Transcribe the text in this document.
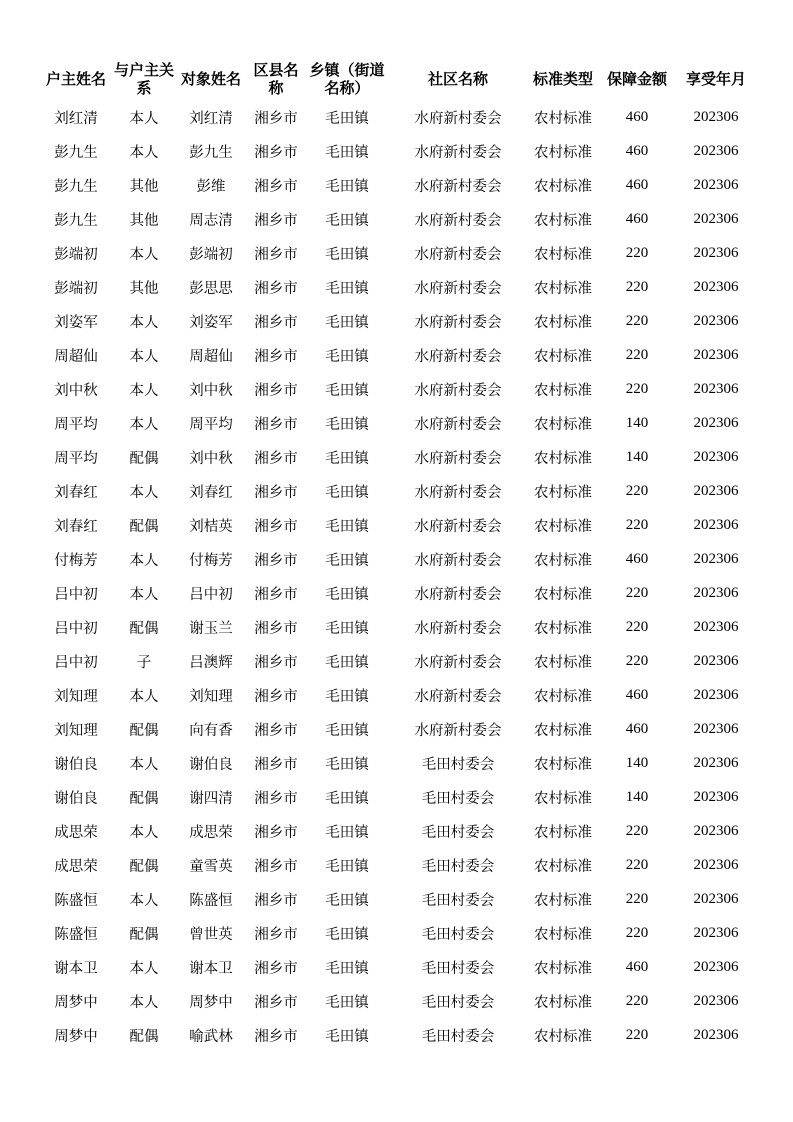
户主姓名	与户主关系	对象姓名	区县名称	乡镇（街道名称）	社区名称	标准类型	保障金额	享受年月
刘红清	本人	刘红清	湘乡市	毛田镇	水府新村委会	农村标准	460	202306
彭九生	本人	彭九生	湘乡市	毛田镇	水府新村委会	农村标准	460	202306
彭九生	其他	彭维	湘乡市	毛田镇	水府新村委会	农村标准	460	202306
彭九生	其他	周志清	湘乡市	毛田镇	水府新村委会	农村标准	460	202306
彭端初	本人	彭端初	湘乡市	毛田镇	水府新村委会	农村标准	220	202306
彭端初	其他	彭思思	湘乡市	毛田镇	水府新村委会	农村标准	220	202306
刘姿军	本人	刘姿军	湘乡市	毛田镇	水府新村委会	农村标准	220	202306
周超仙	本人	周超仙	湘乡市	毛田镇	水府新村委会	农村标准	220	202306
刘中秋	本人	刘中秋	湘乡市	毛田镇	水府新村委会	农村标准	220	202306
周平均	本人	周平均	湘乡市	毛田镇	水府新村委会	农村标准	140	202306
周平均	配偶	刘中秋	湘乡市	毛田镇	水府新村委会	农村标准	140	202306
刘春红	本人	刘春红	湘乡市	毛田镇	水府新村委会	农村标准	220	202306
刘春红	配偶	刘桔英	湘乡市	毛田镇	水府新村委会	农村标准	220	202306
付梅芳	本人	付梅芳	湘乡市	毛田镇	水府新村委会	农村标准	460	202306
吕中初	本人	吕中初	湘乡市	毛田镇	水府新村委会	农村标准	220	202306
吕中初	配偶	谢玉兰	湘乡市	毛田镇	水府新村委会	农村标准	220	202306
吕中初	子	吕澳辉	湘乡市	毛田镇	水府新村委会	农村标准	220	202306
刘知理	本人	刘知理	湘乡市	毛田镇	水府新村委会	农村标准	460	202306
刘知理	配偶	向有香	湘乡市	毛田镇	水府新村委会	农村标准	460	202306
谢伯良	本人	谢伯良	湘乡市	毛田镇	毛田村委会	农村标准	140	202306
谢伯良	配偶	谢四清	湘乡市	毛田镇	毛田村委会	农村标准	140	202306
成思荣	本人	成思荣	湘乡市	毛田镇	毛田村委会	农村标准	220	202306
成思荣	配偶	童雪英	湘乡市	毛田镇	毛田村委会	农村标准	220	202306
陈盛恒	本人	陈盛恒	湘乡市	毛田镇	毛田村委会	农村标准	220	202306
陈盛恒	配偶	曾世英	湘乡市	毛田镇	毛田村委会	农村标准	220	202306
谢本卫	本人	谢本卫	湘乡市	毛田镇	毛田村委会	农村标准	460	202306
周梦中	本人	周梦中	湘乡市	毛田镇	毛田村委会	农村标准	220	202306
周梦中	配偶	喻武林	湘乡市	毛田镇	毛田村委会	农村标准	220	202306
